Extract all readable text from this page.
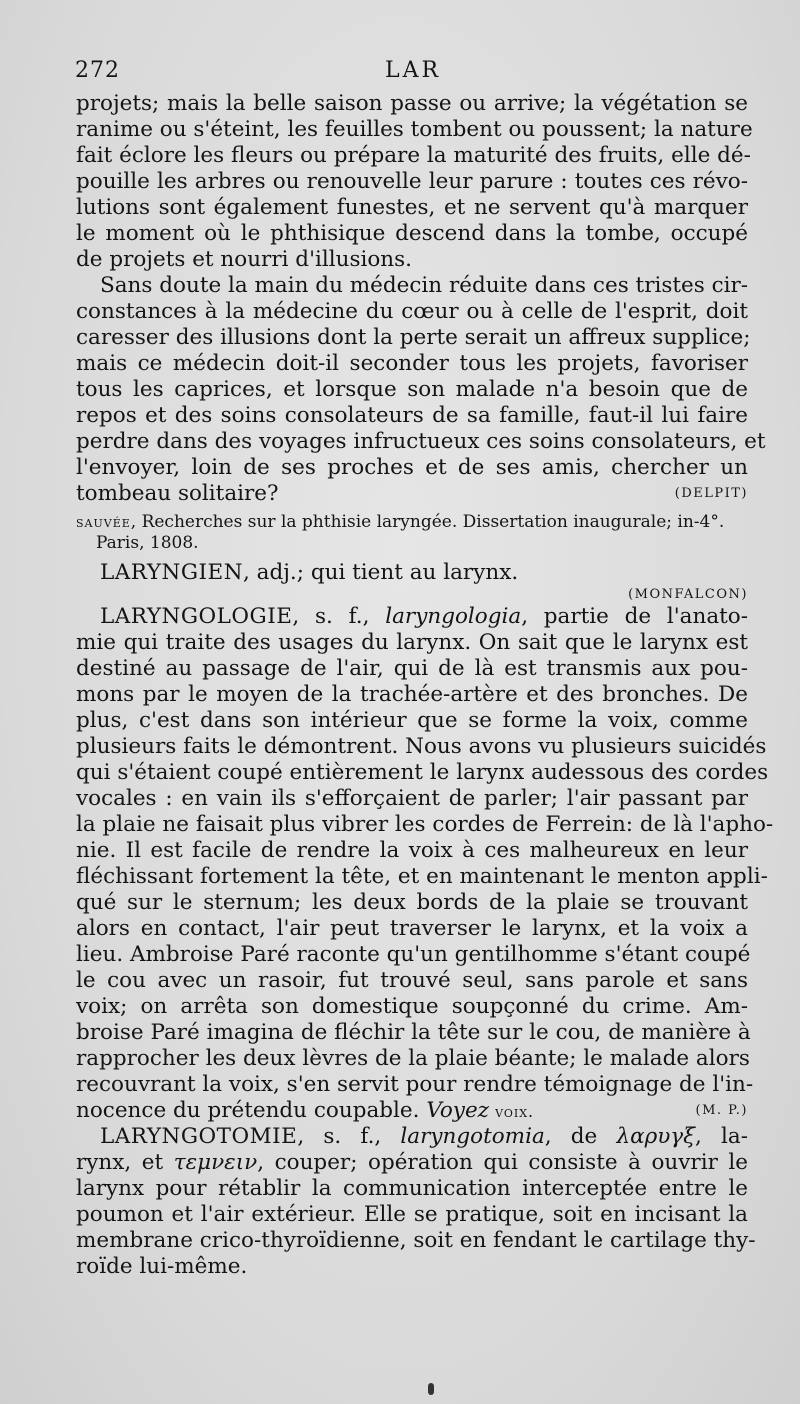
272	LAR
projets; mais la belle saison passe ou arrive; la végétation se
ranime ou s'éteint, les feuilles tombent ou poussent; la nature
fait éclore les fleurs ou prépare la maturité des fruits, elle dé-
pouille les arbres ou renouvelle leur parure : toutes ces révo-
lutions sont également funestes, et ne servent qu'à marquer
le moment où le phthisique descend dans la tombe, occupé
de projets et nourri d'illusions.
Sans doute la main du médecin réduite dans ces tristes cir-
constances à la médecine du cœur ou à celle de l'esprit, doit
caresser des illusions dont la perte serait un affreux supplice;
mais ce médecin doit-il seconder tous les projets, favoriser
tous les caprices, et lorsque son malade n'a besoin que de
repos et des soins consolateurs de sa famille, faut-il lui faire
perdre dans des voyages infructueux ces soins consolateurs, et
l'envoyer, loin de ses proches et de ses amis, chercher un
tombeau solitaire?	(DELPIT)
sauvée, Recherches sur la phthisie laryngée. Dissertation inaugurale; in-4°.
Paris, 1808.
LARYNGIEN, adj.; qui tient au larynx.
(MONFALCON)
LARYNGOLOGIE, s. f., laryngologia, partie de l'anato-
mie qui traite des usages du larynx. On sait que le larynx est
destiné au passage de l'air, qui de là est transmis aux pou-
mons par le moyen de la trachée-artère et des bronches. De
plus, c'est dans son intérieur que se forme la voix, comme
plusieurs faits le démontrent. Nous avons vu plusieurs suicidés
qui s'étaient coupé entièrement le larynx audessous des cordes
vocales : en vain ils s'efforçaient de parler; l'air passant par
la plaie ne faisait plus vibrer les cordes de Ferrein: de là l'apho-
nie. Il est facile de rendre la voix à ces malheureux en leur
fléchissant fortement la tête, et en maintenant le menton appli-
qué sur le sternum; les deux bords de la plaie se trouvant
alors en contact, l'air peut traverser le larynx, et la voix a
lieu. Ambroise Paré raconte qu'un gentilhomme s'étant coupé
le cou avec un rasoir, fut trouvé seul, sans parole et sans
voix; on arrêta son domestique soupçonné du crime. Am-
broise Paré imagina de fléchir la tête sur le cou, de manière à
rapprocher les deux lèvres de la plaie béante; le malade alors
recouvrant la voix, s'en servit pour rendre témoignage de l'in-
nocence du prétendu coupable. Voyez voix.	(M. P.)
LARYNGOTOMIE, s. f., laryngotomia, de λαρυγξ, la-
rynx, et τεμνειν, couper; opération qui consiste à ouvrir le
larynx pour rétablir la communication interceptée entre le
poumon et l'air extérieur. Elle se pratique, soit en incisant la
membrane crico-thyroïdienne, soit en fendant le cartilage thy-
roïde lui-même.
